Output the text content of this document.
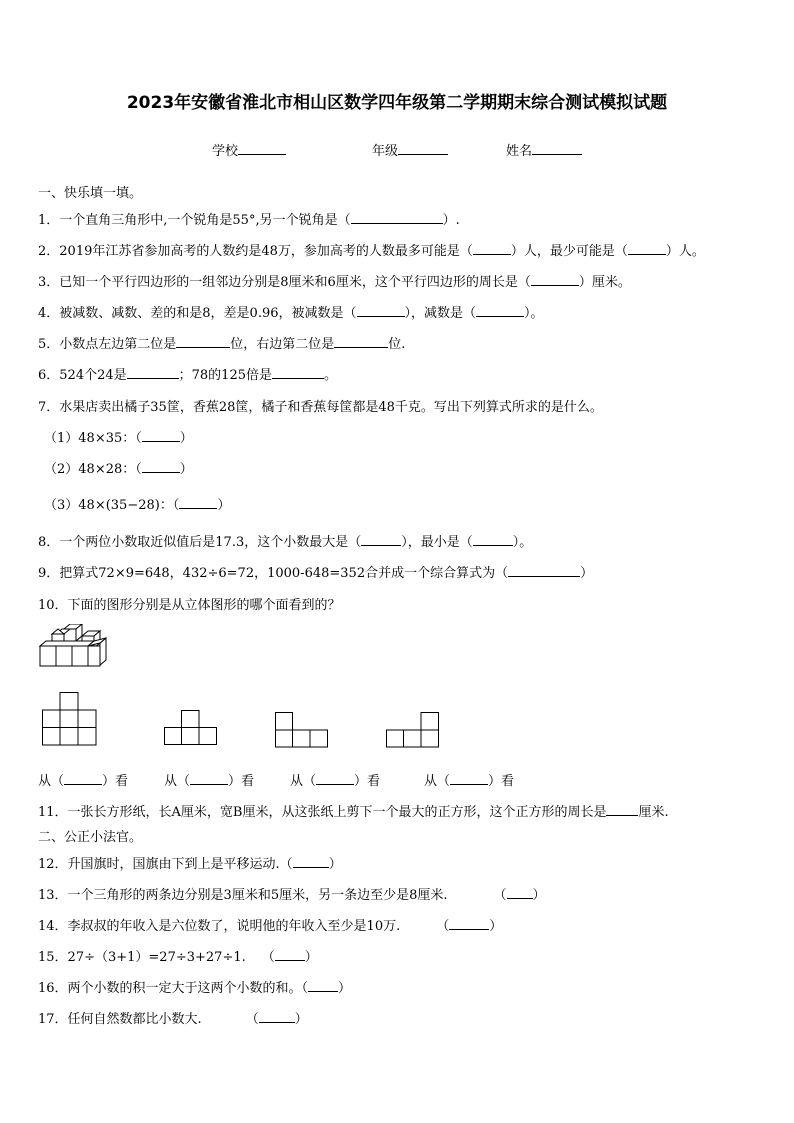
2023年安徽省淮北市相山区数学四年级第二学期期末综合测试模拟试题
学校	年级	姓名
一、快乐填一填。
1．一个直角三角形中,一个锐角是55°,另一个锐角是（	）.
2．2019年江苏省参加高考的人数约是48万，参加高考的人数最多可能是（	）人，最少可能是（	）人。
3．已知一个平行四边形的一组邻边分别是8厘米和6厘米，这个平行四边形的周长是（	）厘米。
4．被减数、减数、差的和是8，差是0.96，被减数是（	），减数是（	）。
5．小数点左边第二位是	位，右边第二位是	位.
6．524个24是	；78的125倍是	。
7．水果店卖出橘子35筐，香蕉28筐，橘子和香蕉每筐都是48千克。写出下列算式所求的是什么。
（1）48×35：（	）
（2）48×28：（	）
（3）48×(35−28)：（	）
8．一个两位小数取近似值后是17.3，这个小数最大是（	），最小是（	）。
9．把算式72×9=648，432÷6=72，1000-648=352合并成一个综合算式为（	）
10．下面的图形分别是从立体图形的哪个面看到的？
从（	）看	从（	）看	从（	）看	从（	）看
11．一张长方形纸，长A厘米，宽B厘米，从这张纸上剪下一个最大的正方形，这个正方形的周长是 厘米.
二、公正小法官。
12．升国旗时，国旗由下到上是平移运动.（	）
13．一个三角形的两条边分别是3厘米和5厘米，另一条边至少是8厘米.	（ ）
14．李叔叔的年收入是六位数了，说明他的年收入至少是10万.	（	）
15．27÷（3+1）=27÷3+27÷1. （ ）
16．两个小数的积一定大于这两个小数的和。（ ）
17．任何自然数都比小数大.	（	）
